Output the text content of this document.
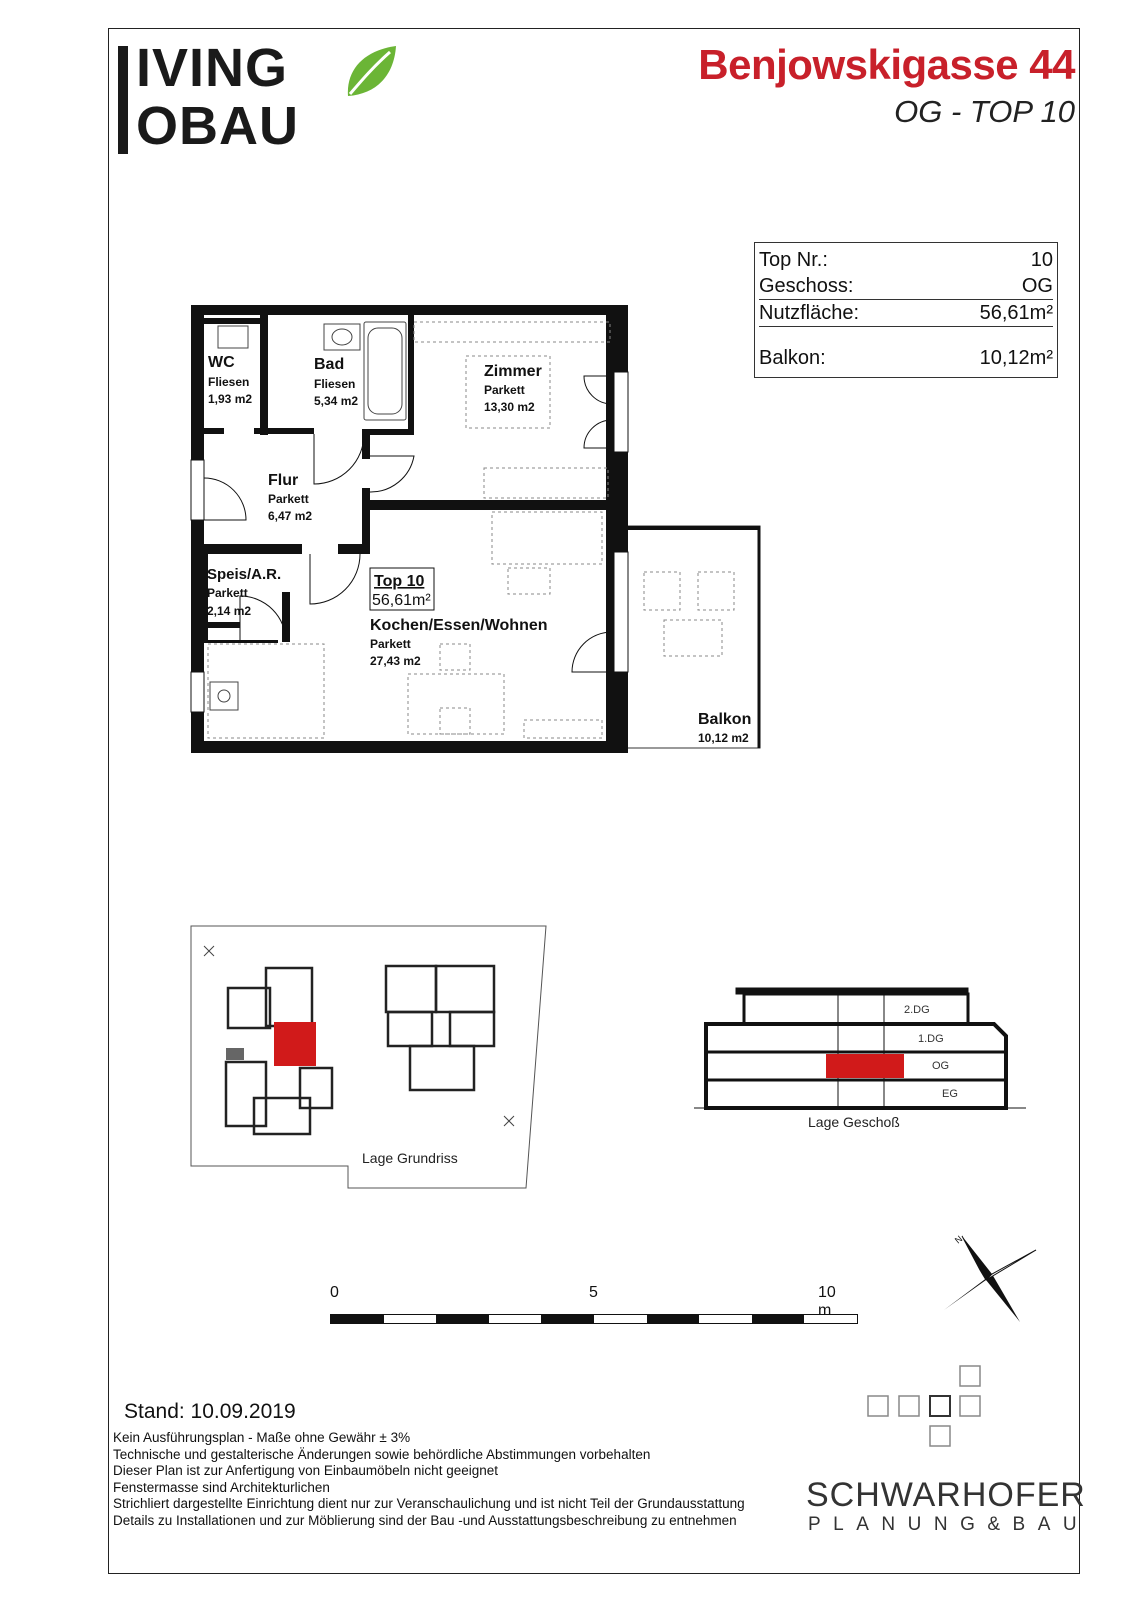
IVING
OBAU
Benjowskigasse 44
OG - TOP 10
Top Nr.:	10
Geschoss:	OG
Nutzfläche:	56,61m²
Balkon:	10,12m²
WC
Fliesen
1,93 m2
Bad
Fliesen
5,34 m2
Zimmer
Parkett
13,30 m2
Flur
Parkett
6,47 m2
Speis/A.R.
Parkett
2,14 m2
Top 10
56,61m²
Kochen/Essen/Wohnen
Parkett
27,43 m2
Balkon
10,12 m2
Lage Grundriss
2.DG
1.DG
OG
EG
Lage Geschoß
0	5	10 m
N
Stand: 10.09.2019
Kein Ausführungsplan - Maße ohne Gewähr ± 3%
Technische und gestalterische Änderungen sowie behördliche Abstimmungen vorbehalten
Dieser Plan ist zur Anfertigung von Einbaumöbeln nicht geeignet
Fenstermasse sind Architekturlichen
Strichliert dargestellte Einrichtung dient nur zur Veranschaulichung und ist nicht Teil der Grundausstattung
Details zu Installationen und zur Möblierung sind der Bau -und Ausstattungsbeschreibung zu entnehmen
SCHWARHOFER
PLANUNG&BAU
